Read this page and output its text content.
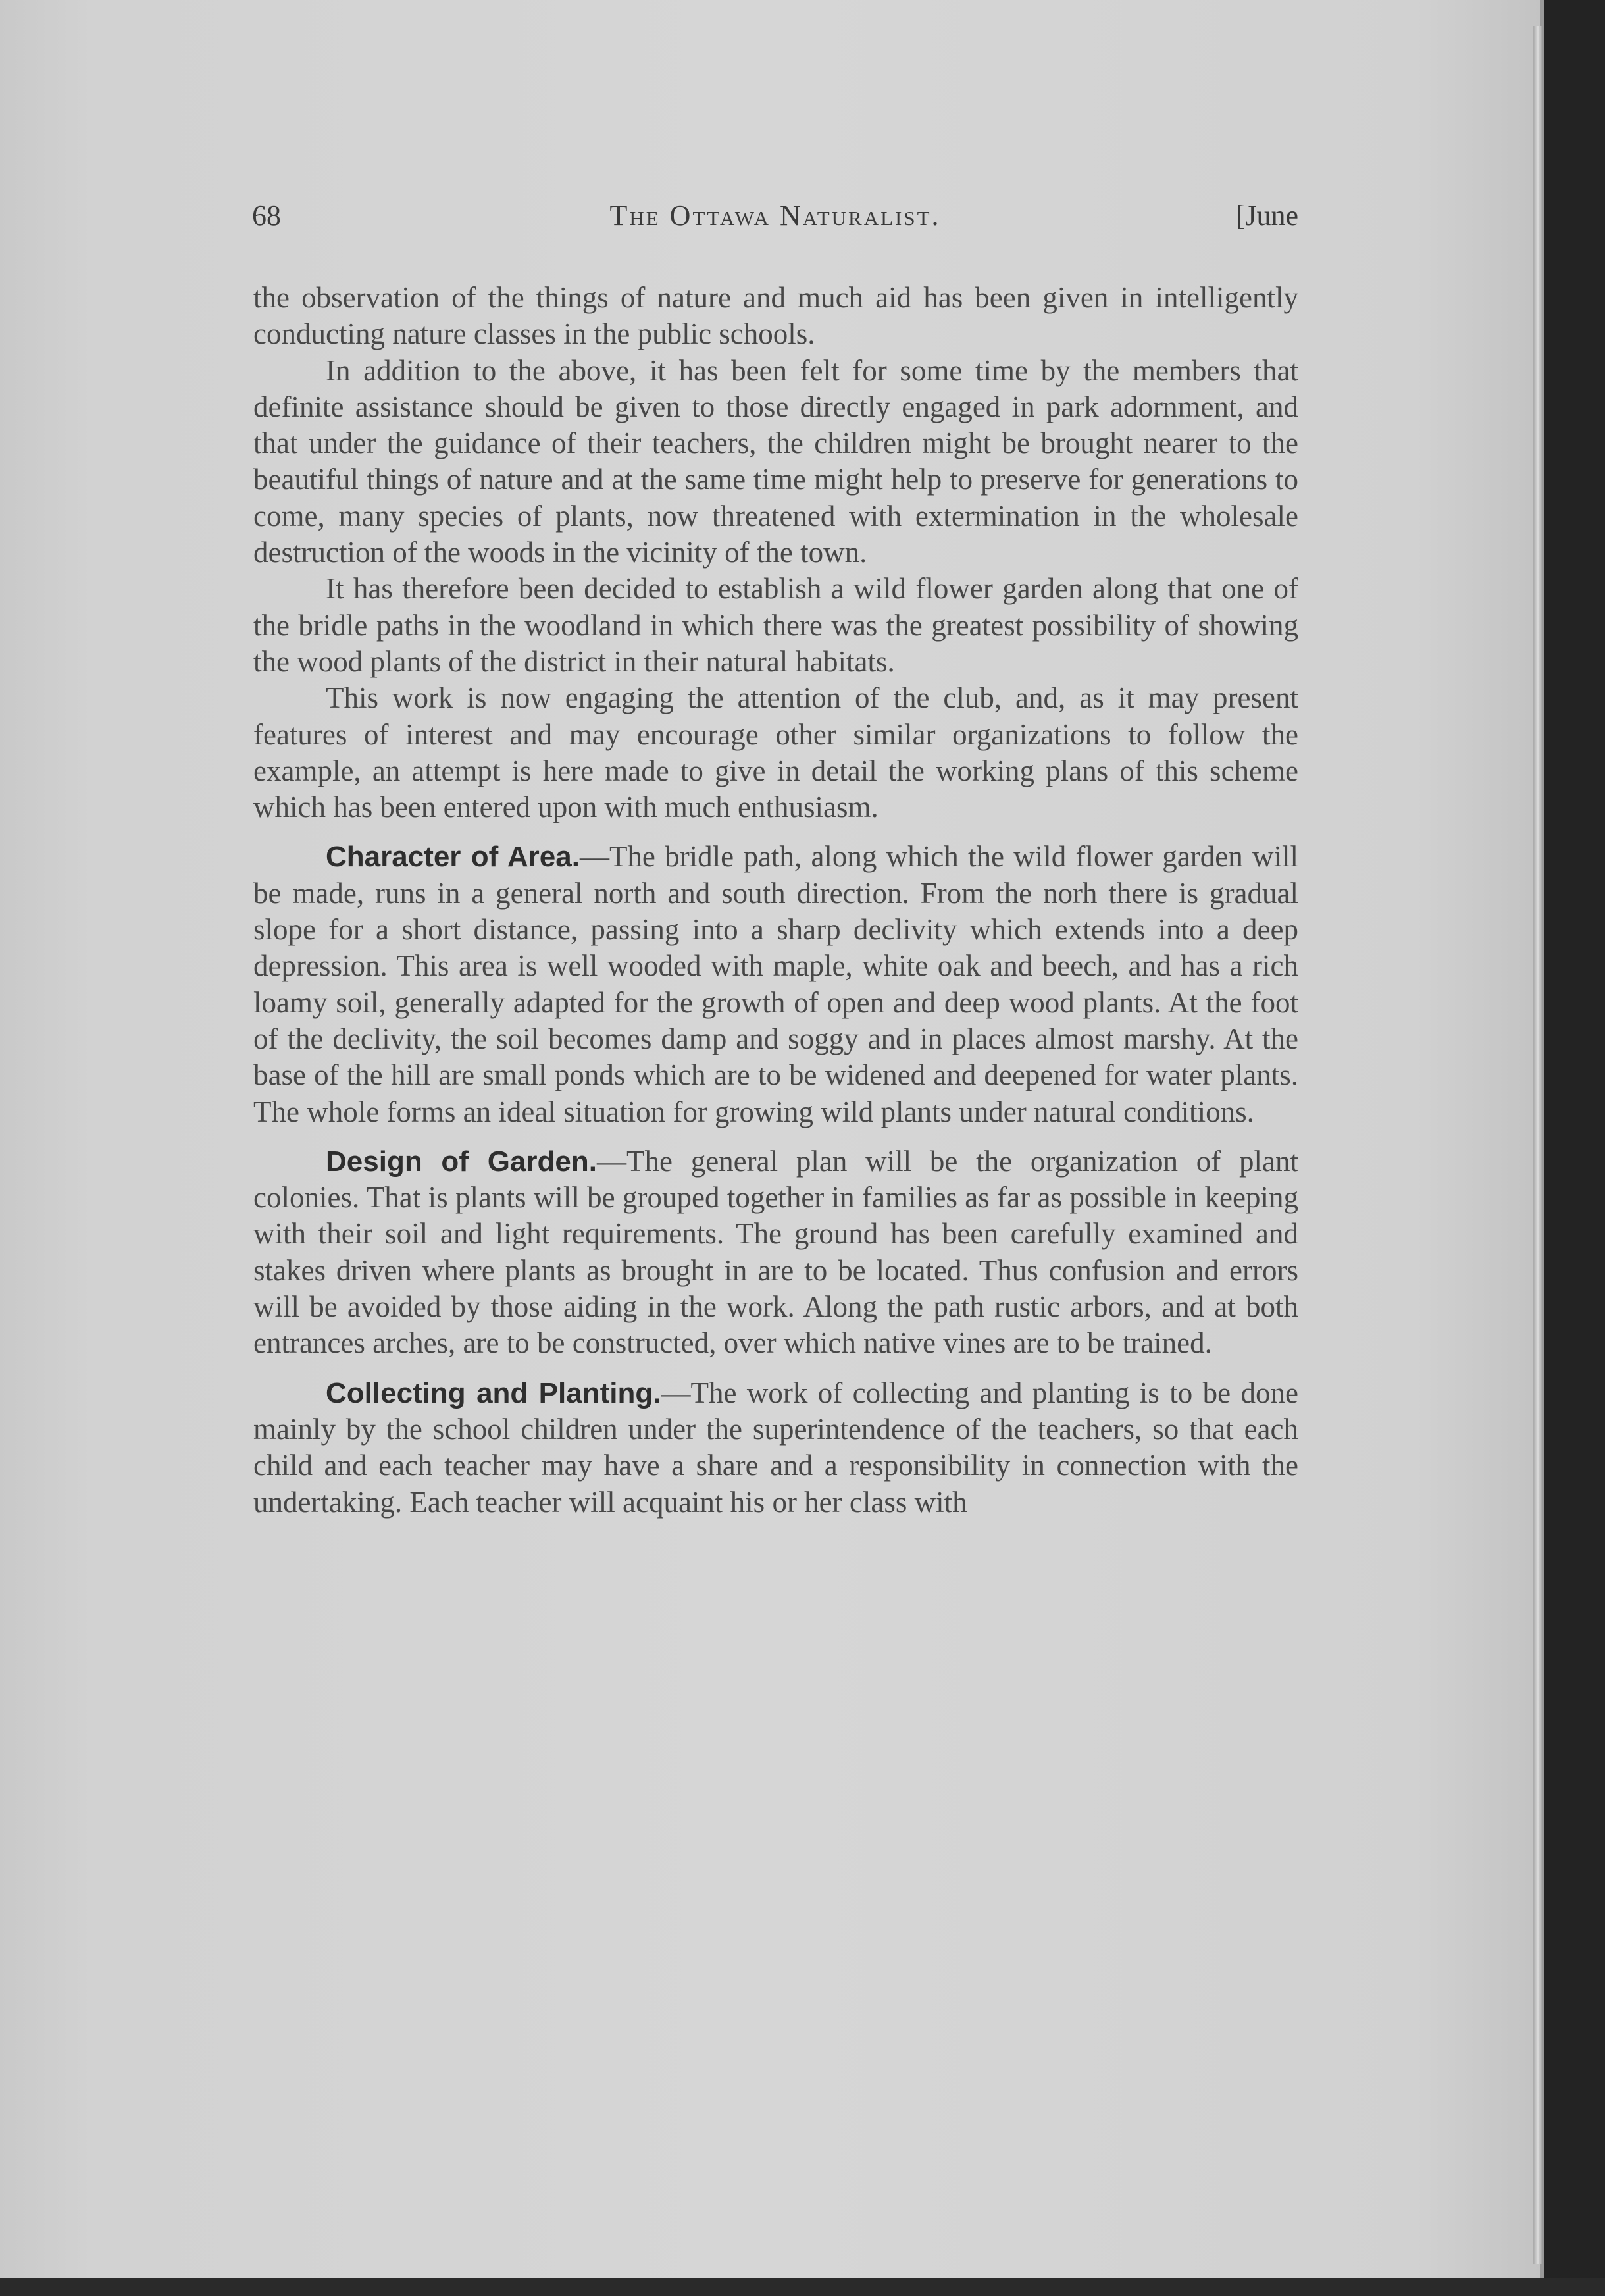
68	The Ottawa Naturalist.	[June

the observation of the things of nature and much aid has been given in intelligently conducting nature classes in the public schools.

In addition to the above, it has been felt for some time by the members that definite assistance should be given to those directly engaged in park adornment, and that under the guidance of their teachers, the children might be brought nearer to the beautiful things of nature and at the same time might help to preserve for generations to come, many species of plants, now threatened with extermination in the wholesale destruction of the woods in the vicinity of the town.

It has therefore been decided to establish a wild flower garden along that one of the bridle paths in the woodland in which there was the greatest possibility of showing the wood plants of the district in their natural habitats.

This work is now engaging the attention of the club, and, as it may present features of interest and may encourage other similar organizations to follow the example, an attempt is here made to give in detail the working plans of this scheme which has been entered upon with much enthusiasm.

Character of Area.—The bridle path, along which the wild flower garden will be made, runs in a general north and south direction. From the norh there is gradual slope for a short distance, passing into a sharp declivity which extends into a deep depression. This area is well wooded with maple, white oak and beech, and has a rich loamy soil, generally adapted for the growth of open and deep wood plants. At the foot of the declivity, the soil becomes damp and soggy and in places almost marshy. At the base of the hill are small ponds which are to be widened and deepened for water plants. The whole forms an ideal situation for growing wild plants under natural conditions.

Design of Garden.—The general plan will be the organization of plant colonies. That is plants will be grouped together in families as far as possible in keeping with their soil and light requirements. The ground has been carefully examined and stakes driven where plants as brought in are to be located. Thus confusion and errors will be avoided by those aiding in the work. Along the path rustic arbors, and at both entrances arches, are to be constructed, over which native vines are to be trained.

Collecting and Planting.—The work of collecting and planting is to be done mainly by the school children under the superintendence of the teachers, so that each child and each teacher may have a share and a responsibility in connection with the undertaking. Each teacher will acquaint his or her class with
